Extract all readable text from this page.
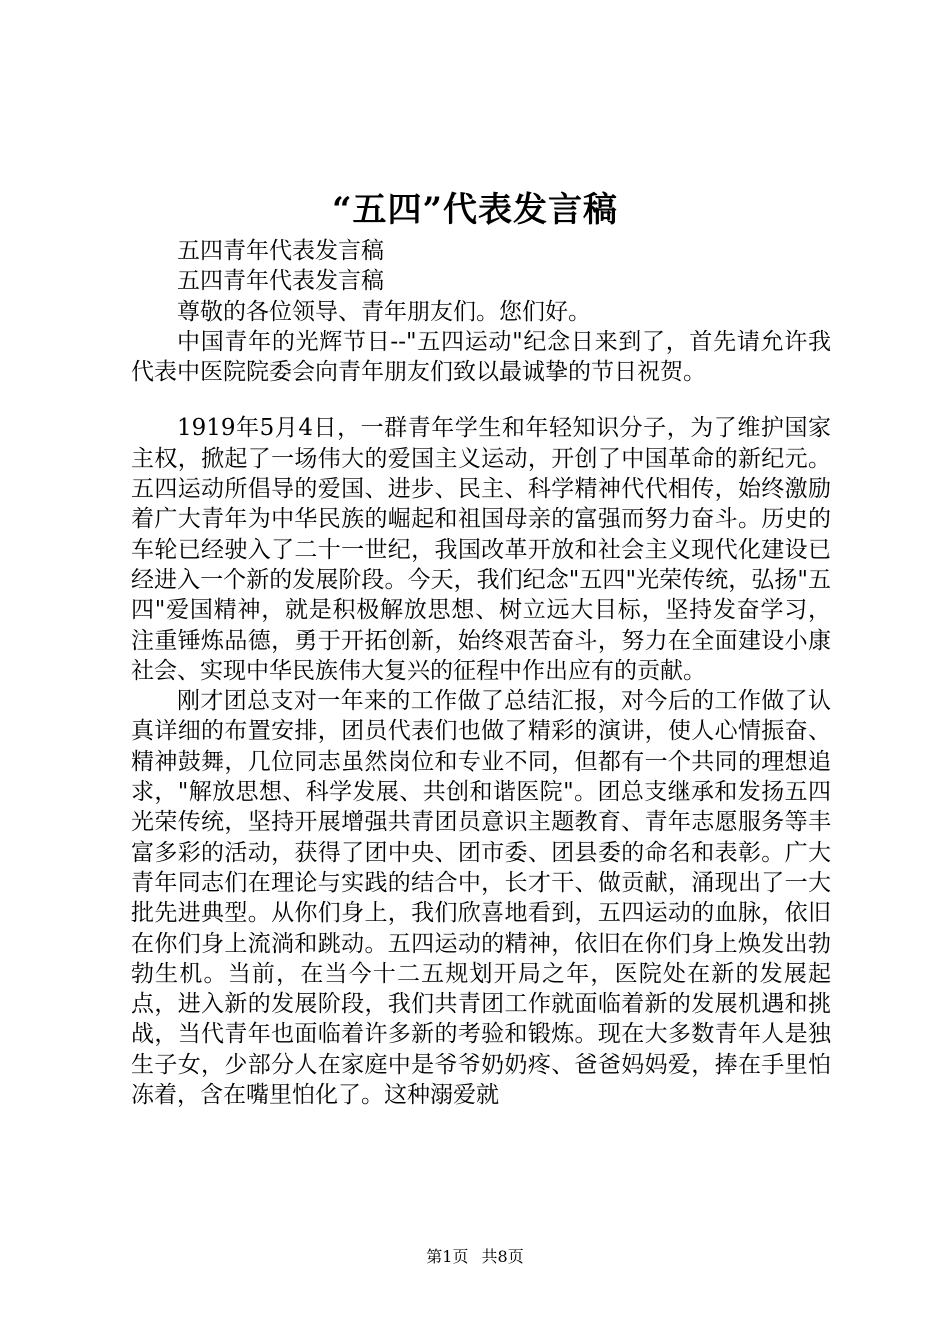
“五四”代表发言稿

五四青年代表发言稿

五四青年代表发言稿

尊敬的各位领导、青年朋友们。您们好。

中国青年的光辉节日--"五四运动"纪念日来到了，首先请允许我代表中医院院委会向青年朋友们致以最诚挚的节日祝贺。

1919年5月4日，一群青年学生和年轻知识分子，为了维护国家主权，掀起了一场伟大的爱国主义运动，开创了中国革命的新纪元。五四运动所倡导的爱国、进步、民主、科学精神代代相传，始终激励着广大青年为中华民族的崛起和祖国母亲的富强而努力奋斗。历史的车轮已经驶入了二十一世纪，我国改革开放和社会主义现代化建设已经进入一个新的发展阶段。今天，我们纪念"五四"光荣传统，弘扬"五四"爱国精神，就是积极解放思想、树立远大目标，坚持发奋学习，注重锤炼品德，勇于开拓创新，始终艰苦奋斗，努力在全面建设小康社会、实现中华民族伟大复兴的征程中作出应有的贡献。

刚才团总支对一年来的工作做了总结汇报，对今后的工作做了认真详细的布置安排，团员代表们也做了精彩的演讲，使人心情振奋、精神鼓舞，几位同志虽然岗位和专业不同，但都有一个共同的理想追求，"解放思想、科学发展、共创和谐医院"。团总支继承和发扬五四光荣传统，坚持开展增强共青团员意识主题教育、青年志愿服务等丰富多彩的活动，获得了团中央、团市委、团县委的命名和表彰。广大青年同志们在理论与实践的结合中，长才干、做贡献，涌现出了一大批先进典型。从你们身上，我们欣喜地看到，五四运动的血脉，依旧在你们身上流淌和跳动。五四运动的精神，依旧在你们身上焕发出勃勃生机。当前，在当今十二五规划开局之年，医院处在新的发展起点，进入新的发展阶段，我们共青团工作就面临着新的发展机遇和挑战，当代青年也面临着许多新的考验和锻炼。现在大多数青年人是独生子女，少部分人在家庭中是爷爷奶奶疼、爸爸妈妈爱，捧在手里怕冻着，含在嘴里怕化了。这种溺爱就

第1页 共8页
